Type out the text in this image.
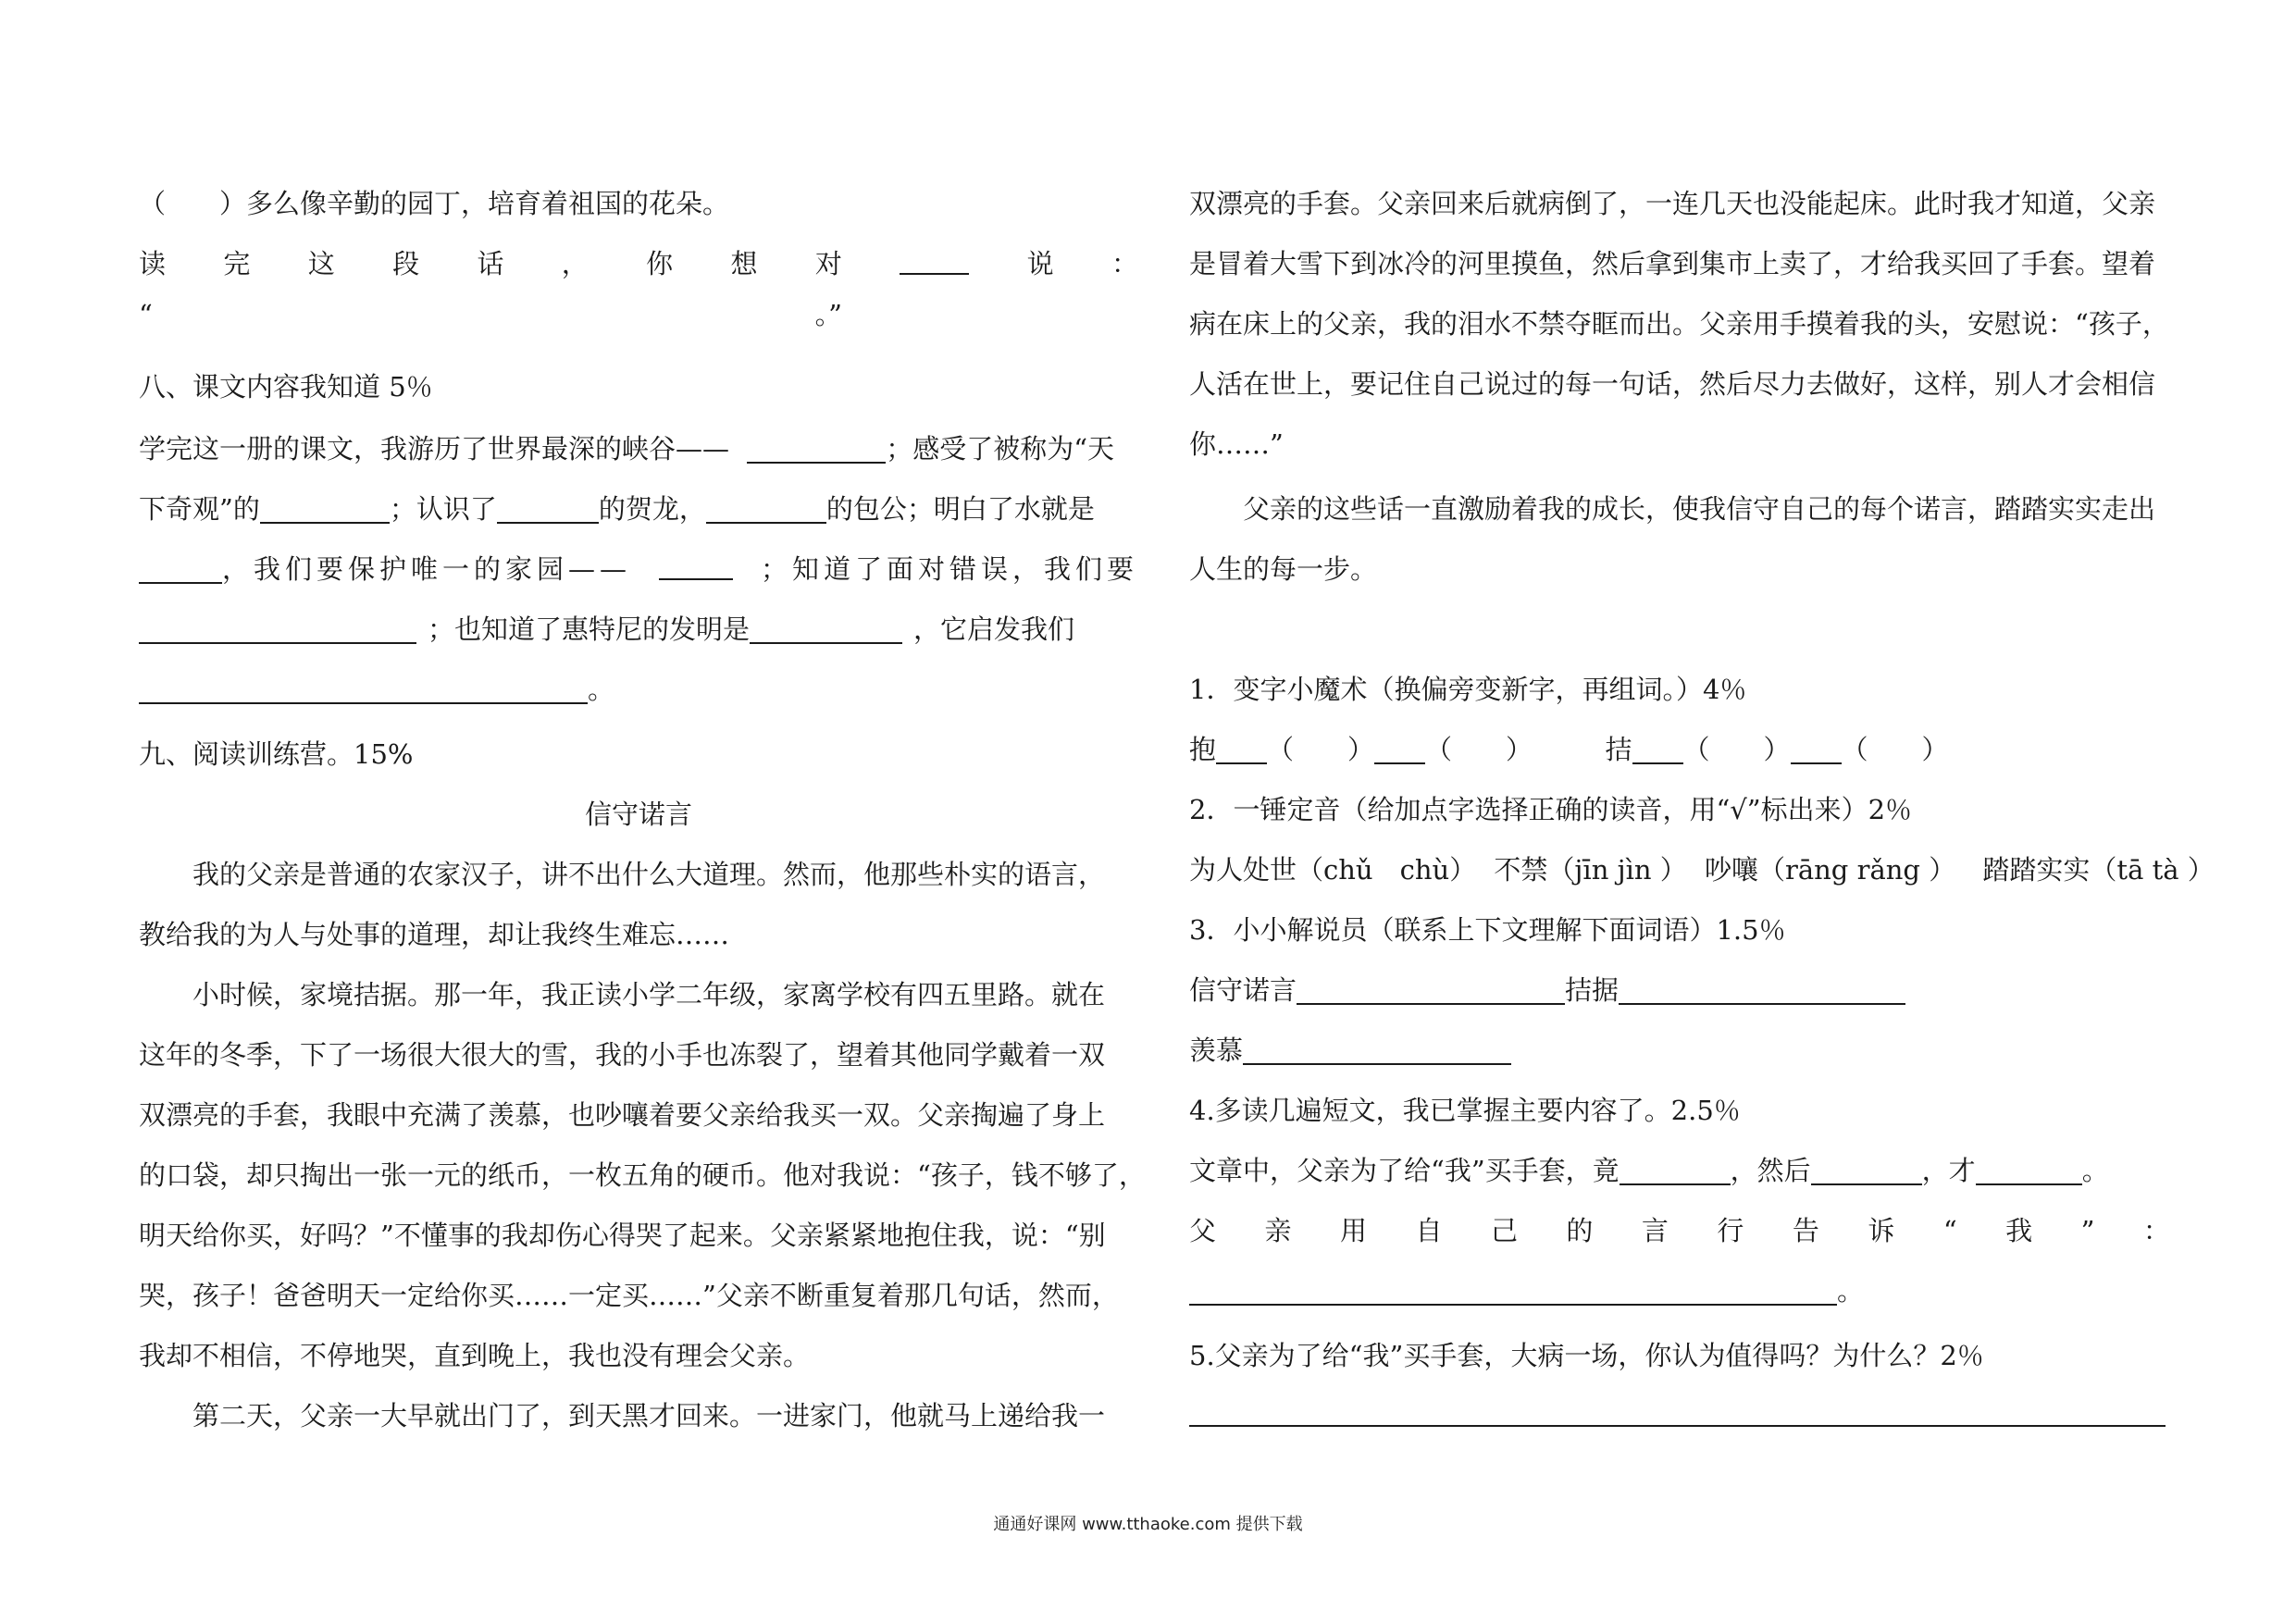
（　　）多么像辛勤的园丁，培育着祖国的花朵。
读 完 这 段 话 ， 你 想 对	说 ：
“	。”
八、课文内容我知道 5％
学完这一册的课文，我游历了世界最深的峡谷——	；感受了被称为“天
下奇观”的	；认识了	的贺龙，	的包公；明白了水就是
，我们要保护唯一的家园——	；知道了面对错误，我们要
；也知道了惠特尼的发明是	，它启发我们
。
九、阅读训练营。15%
信守诺言
我的父亲是普通的农家汉子，讲不出什么大道理。然而，他那些朴实的语言，
教给我的为人与处事的道理，却让我终生难忘……
小时候，家境拮据。那一年，我正读小学二年级，家离学校有四五里路。就在
这年的冬季，下了一场很大很大的雪，我的小手也冻裂了，望着其他同学戴着一双
双漂亮的手套，我眼中充满了羡慕，也吵嚷着要父亲给我买一双。父亲掏遍了身上
的口袋，却只掏出一张一元的纸币，一枚五角的硬币。他对我说：“孩子，钱不够了，
明天给你买，好吗？”不懂事的我却伤心得哭了起来。父亲紧紧地抱住我，说：“别
哭，孩子！爸爸明天一定给你买……一定买……”父亲不断重复着那几句话，然而，
我却不相信，不停地哭，直到晚上，我也没有理会父亲。
第二天，父亲一大早就出门了，到天黑才回来。一进家门，他就马上递给我一
双漂亮的手套。父亲回来后就病倒了，一连几天也没能起床。此时我才知道，父亲
是冒着大雪下到冰冷的河里摸鱼，然后拿到集市上卖了，才给我买回了手套。望着
病在床上的父亲，我的泪水不禁夺眶而出。父亲用手摸着我的头，安慰说：“孩子，
人活在世上，要记住自己说过的每一句话，然后尽力去做好，这样，别人才会相信
你……”
父亲的这些话一直激励着我的成长，使我信守自己的每个诺言，踏踏实实走出
人生的每一步。
1．变字小魔术（换偏旁变新字，再组词。）4％
抱 （　　） （　　）	拮 （　　） （　　）
2．一锤定音（给加点字选择正确的读音，用“√”标出来）2％
为人处世（chǔ　chù） 不禁（jīn jìn ） 吵嚷（rāng rǎng ） 踏踏实实（tā tà ）
3．小小解说员（联系上下文理解下面词语）1.5％
信守诺言	拮据
羡慕
4.多读几遍短文，我已掌握主要内容了。2.5％
文章中，父亲为了给“我”买手套，竟	，然后	，才	。
父 亲 用 自 己 的 言 行 告 诉 “ 我 ” ：
。
5.父亲为了给“我”买手套，大病一场，你认为值得吗？为什么？2％
通通好课网 www.tthaoke.com 提供下载
